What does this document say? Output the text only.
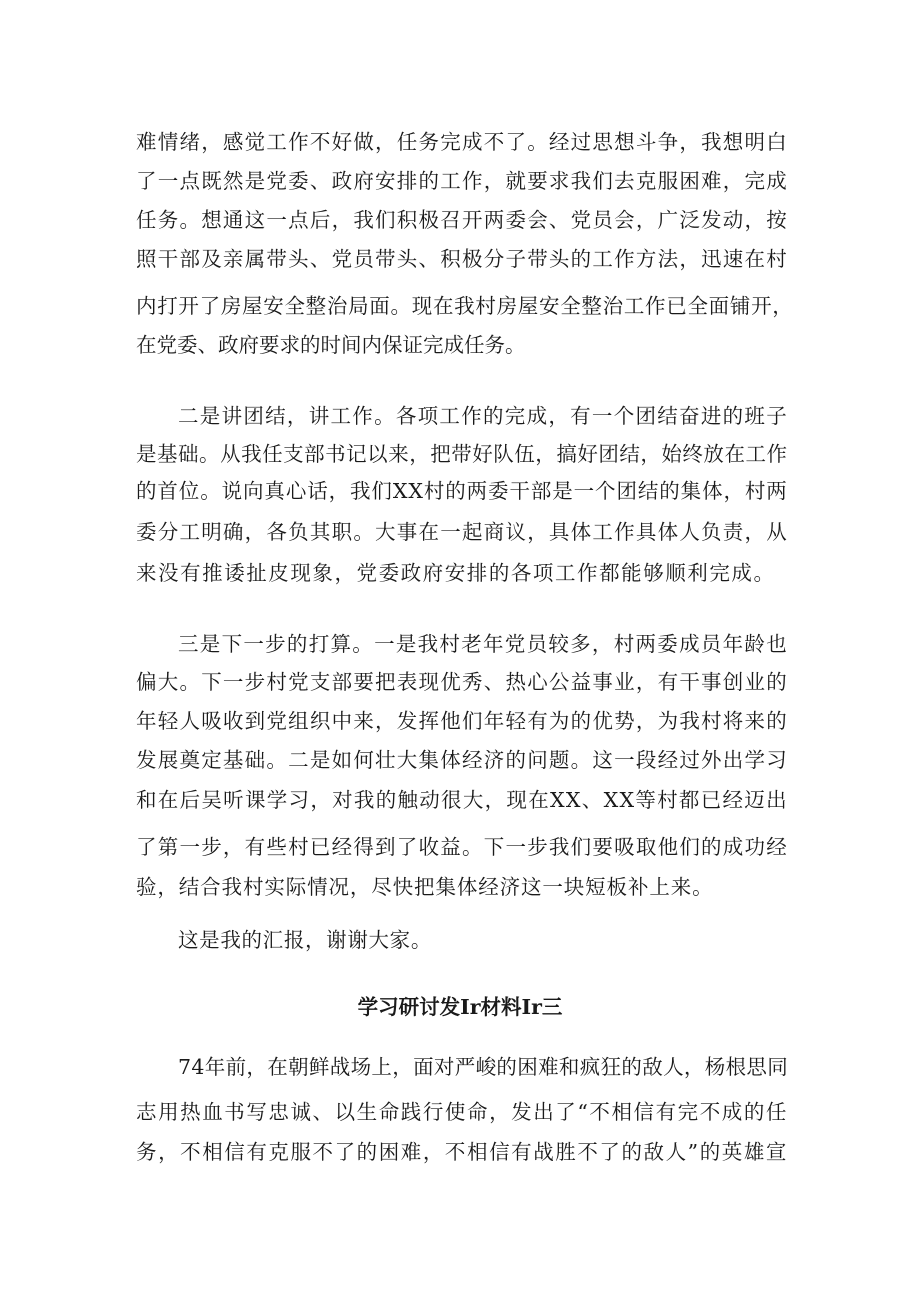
难情绪，感觉工作不好做，任务完成不了。经过思想斗争，我想明白

了一点既然是党委、政府安排的工作，就要求我们去克服困难，完成

任务。想通这一点后，我们积极召开两委会、党员会，广泛发动，按

照干部及亲属带头、党员带头、积极分子带头的工作方法，迅速在村

内打开了房屋安全整治局面。现在我村房屋安全整治工作已全面铺开，

在党委、政府要求的时间内保证完成任务。

二是讲团结，讲工作。各项工作的完成，有一个团结奋进的班子

是基础。从我任支部书记以来，把带好队伍，搞好团结，始终放在工作

的首位。说向真心话，我们XX村的两委干部是一个团结的集体，村两

委分工明确，各负其职。大事在一起商议，具体工作具体人负责，从

来没有推诿扯皮现象，党委政府安排的各项工作都能够顺利完成。

三是下一步的打算。一是我村老年党员较多，村两委成员年龄也

偏大。下一步村党支部要把表现优秀、热心公益事业，有干事创业的

年轻人吸收到党组织中来，发挥他们年轻有为的优势，为我村将来的

发展奠定基础。二是如何壮大集体经济的问题。这一段经过外出学习

和在后吴听课学习，对我的触动很大，现在XX、XX等村都已经迈出

了第一步，有些村已经得到了收益。下一步我们要吸取他们的成功经

验，结合我村实际情况，尽快把集体经济这一块短板补上来。

这是我的汇报，谢谢大家。

学习研讨发Ir材料Ir三

74年前，在朝鲜战场上，面对严峻的困难和疯狂的敌人，杨根思同

志用热血书写忠诚、以生命践行使命，发出了“不相信有完不成的任

务，不相信有克服不了的困难，不相信有战胜不了的敌人”的英雄宣
